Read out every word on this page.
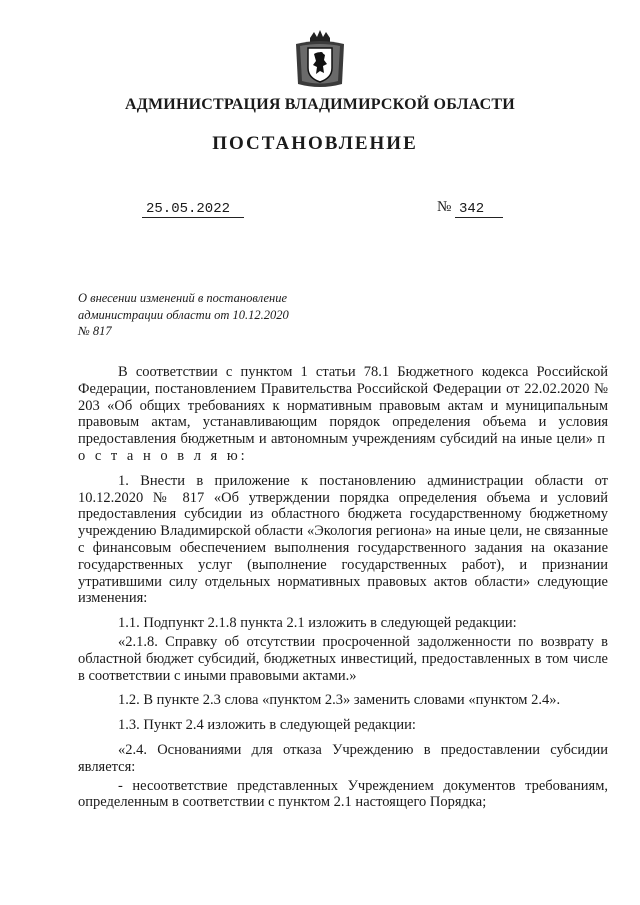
АДМИНИСТРАЦИЯ ВЛАДИМИРСКОЙ ОБЛАСТИ
ПОСТАНОВЛЕНИЕ
25.05.2022	№ 342
О внесении изменений в постановление
администрации области от 10.12.2020
№ 817

В соответствии с пунктом 1 статьи 78.1 Бюджетного кодекса Российской Федерации, постановлением Правительства Российской Федерации от 22.02.2020 № 203 «Об общих требованиях к нормативным правовым актам и муниципальным правовым актам, устанавливающим порядок определения объема и условия предоставления бюджетным и автономным учреждениям субсидий на иные цели» п о с т а н о в л я ю:

1. Внести в приложение к постановлению администрации области от 10.12.2020 № 817 «Об утверждении порядка определения объема и условий предоставления субсидии из областного бюджета государственному бюджетному учреждению Владимирской области «Экология региона» на иные цели, не связанные с финансовым обеспечением выполнения государственного задания на оказание государственных услуг (выполнение государственных работ), и признании утратившими силу отдельных нормативных правовых актов области» следующие изменения:

1.1. Подпункт 2.1.8 пункта 2.1 изложить в следующей редакции:

«2.1.8. Справку об отсутствии просроченной задолженности по возврату в областной бюджет субсидий, бюджетных инвестиций, предоставленных в том числе в соответствии с иными правовыми актами.»

1.2. В пункте 2.3 слова «пунктом 2.3» заменить словами «пунктом 2.4».

1.3. Пункт 2.4 изложить в следующей редакции:

«2.4. Основаниями для отказа Учреждению в предоставлении субсидии является:

- несоответствие представленных Учреждением документов требованиям, определенным в соответствии с пунктом 2.1 настоящего Порядка;
